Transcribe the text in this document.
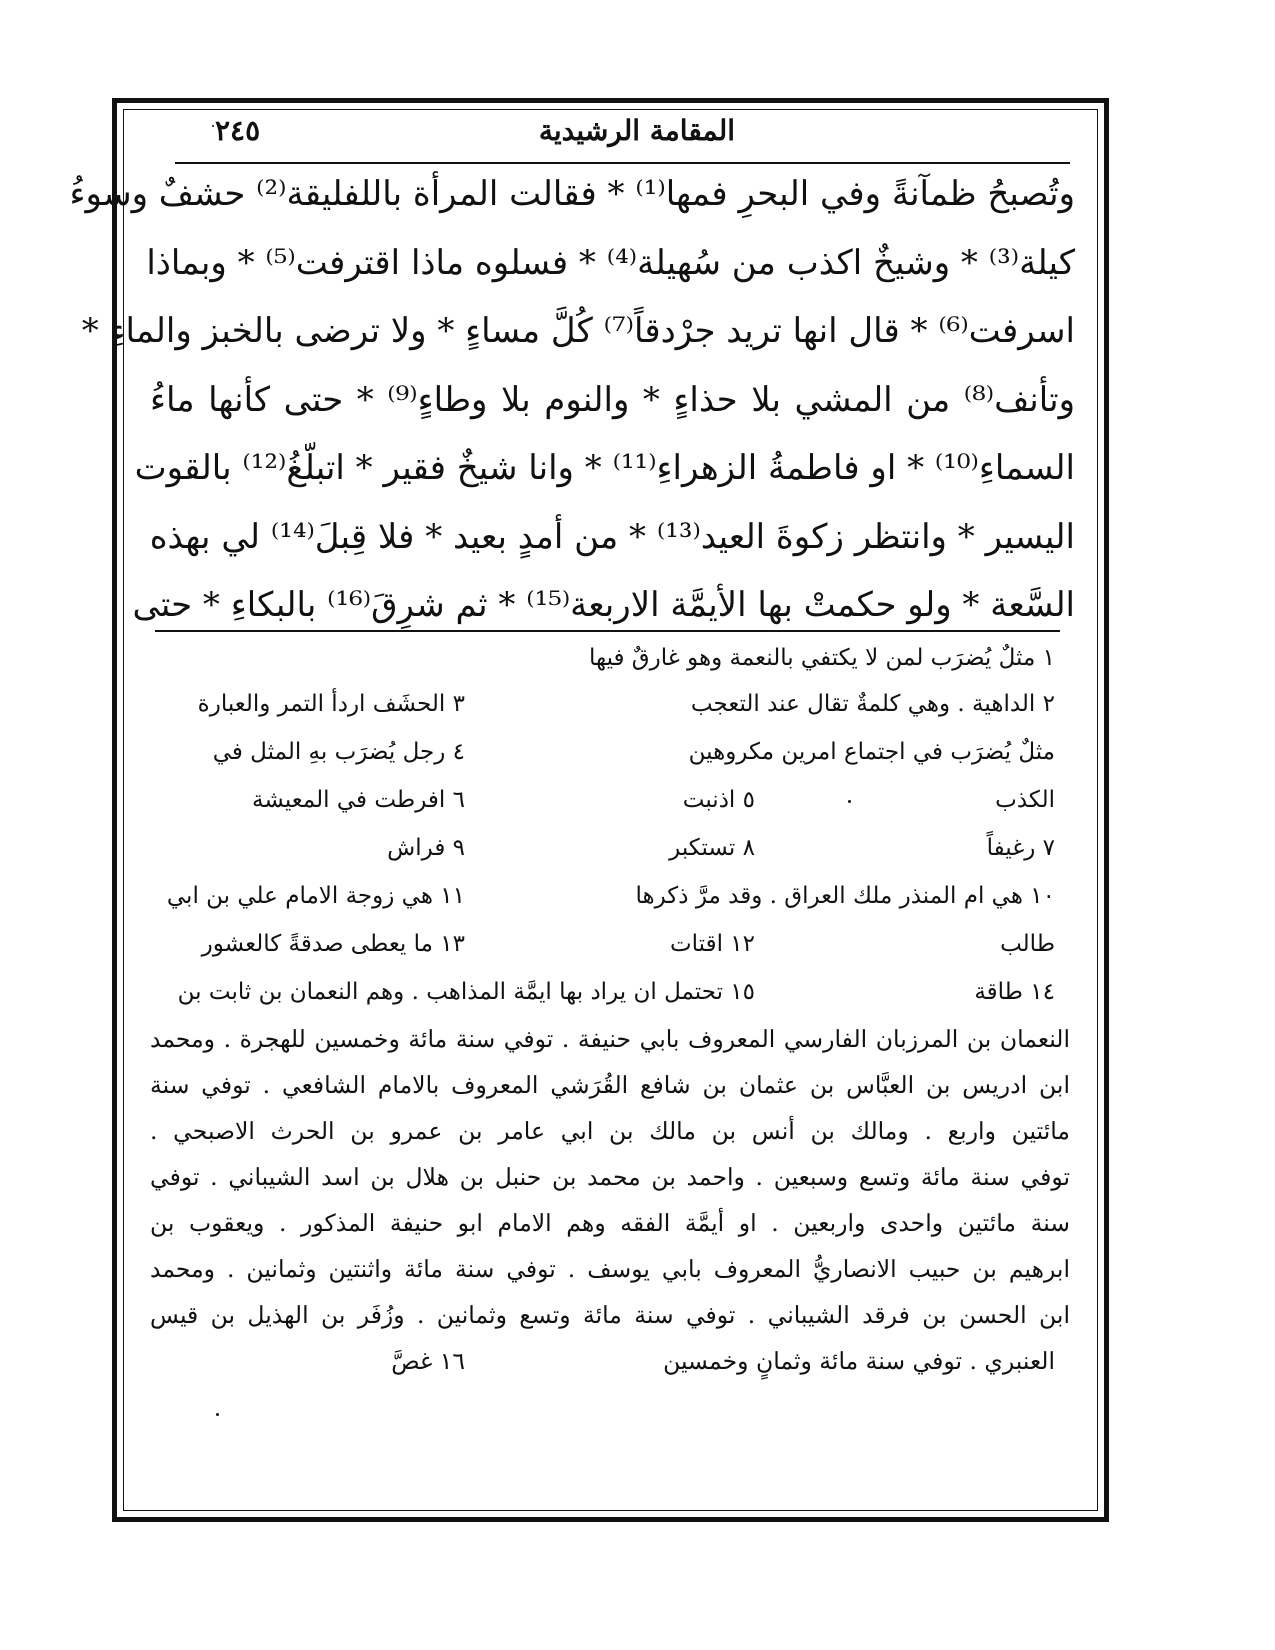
المقامة الرشيدية
٢٤٥
وتُصبحُ ظمآنةً وفي البحرِ فمها⁽¹⁾ * فقالت المرأة باللفليقة⁽²⁾ حشفٌ وسوءُ
كيلة⁽³⁾ * وشيخٌ اكذب من سُهيلة⁽⁴⁾ * فسلوه ماذا اقترفت⁽⁵⁾ * وبماذا
اسرفت⁽⁶⁾ * قال انها تريد جرْدقاً⁽⁷⁾ كُلَّ مساءٍ * ولا ترضى بالخبز والماءِ *
وتأنف⁽⁸⁾ من المشي بلا حذاءٍ * والنوم بلا وطاءٍ⁽⁹⁾ * حتى كأنها ماءُ
السماءِ⁽¹⁰⁾ * او فاطمةُ الزهراءِ⁽¹¹⁾ * وانا شيخٌ فقير * اتبلّغُ⁽¹²⁾ بالقوت
اليسير * وانتظر زكوةَ العيد⁽¹³⁾ * من أمدٍ بعيد * فلا قِبلَ⁽¹⁴⁾ لي بهذه
السَّعة * ولو حكمتْ بها الأيمَّة الاربعة⁽¹⁵⁾ * ثم شرِقَ⁽¹⁶⁾ بالبكاءِ * حتى
١ مثلٌ يُضرَب لمن لا يكتفي بالنعمة وهو غارقٌ فيها
٢ الداهية . وهي كلمةٌ تقال عند التعجب
٣ الحشَف اردأ التمر والعبارة
مثلٌ يُضرَب في اجتماع امرين مكروهين
٤ رجل يُضرَب بهِ المثل في
الكذب
٥ اذنبت
٦ افرطت في المعيشة
٧ رغيفاً
٨ تستكبر
٩ فراش
١٠ هي ام المنذر ملك العراق . وقد مرَّ ذكرها
١١ هي زوجة الامام علي بن ابي
طالب
١٢ اقتات
١٣ ما يعطى صدقةً كالعشور
١٤ طاقة
١٥ تحتمل ان يراد بها ايمَّة المذاهب . وهم النعمان بن ثابت بن
النعمان بن المرزبان الفارسي المعروف بابي حنيفة . توفي سنة مائة وخمسين للهجرة . ومحمد
ابن ادريس بن العبَّاس بن عثمان بن شافع القُرَشي المعروف بالامام الشافعي . توفي سنة
مائتين واربع . ومالك بن أنس بن مالك بن ابي عامر بن عمرو بن الحرث الاصبحي .
توفي سنة مائة وتسع وسبعين . واحمد بن محمد بن حنبل بن هلال بن اسد الشيباني . توفي
سنة مائتين واحدى واربعين . او أيمَّة الفقه وهم الامام ابو حنيفة المذكور . ويعقوب بن
ابرهيم بن حبيب الانصاريُّ المعروف بابي يوسف . توفي سنة مائة واثنتين وثمانين . ومحمد
ابن الحسن بن فرقد الشيباني . توفي سنة مائة وتسع وثمانين . وزُفَر بن الهذيل بن قيس
العنبري . توفي سنة مائة وثمانٍ وخمسين
١٦ غصَّ
